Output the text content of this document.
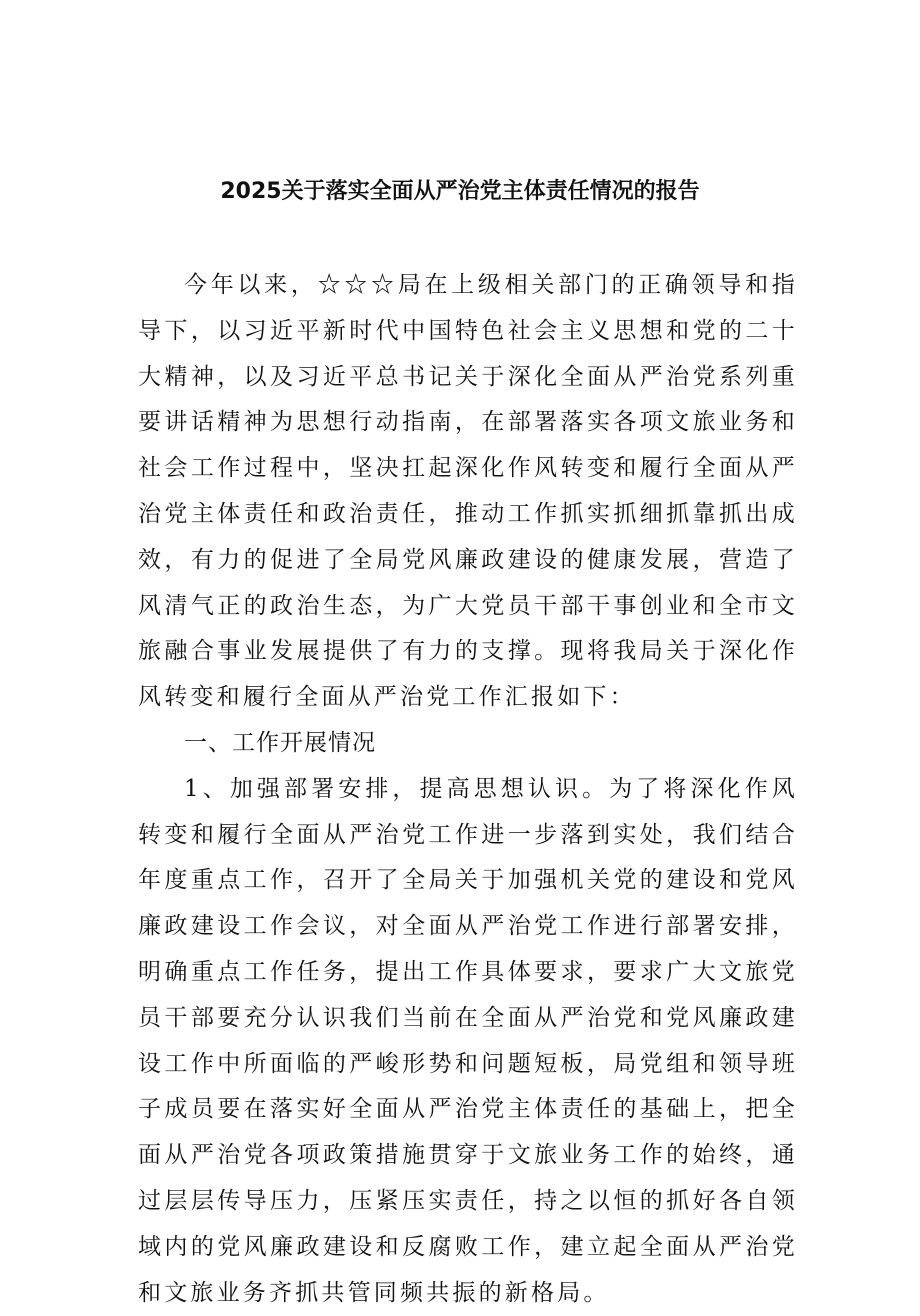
2025关于落实全面从严治党主体责任情况的报告

今年以来，☆☆☆局在上级相关部门的正确领导和指导下，以习近平新时代中国特色社会主义思想和党的二十大精神，以及习近平总书记关于深化全面从严治党系列重要讲话精神为思想行动指南，在部署落实各项文旅业务和社会工作过程中，坚决扛起深化作风转变和履行全面从严治党主体责任和政治责任，推动工作抓实抓细抓靠抓出成效，有力的促进了全局党风廉政建设的健康发展，营造了风清气正的政治生态，为广大党员干部干事创业和全市文旅融合事业发展提供了有力的支撑。现将我局关于深化作风转变和履行全面从严治党工作汇报如下：

一、工作开展情况

1、加强部署安排，提高思想认识。为了将深化作风转变和履行全面从严治党工作进一步落到实处，我们结合年度重点工作，召开了全局关于加强机关党的建设和党风廉政建设工作会议，对全面从严治党工作进行部署安排，明确重点工作任务，提出工作具体要求，要求广大文旅党员干部要充分认识我们当前在全面从严治党和党风廉政建设工作中所面临的严峻形势和问题短板，局党组和领导班子成员要在落实好全面从严治党主体责任的基础上，把全面从严治党各项政策措施贯穿于文旅业务工作的始终，通过层层传导压力，压紧压实责任，持之以恒的抓好各自领域内的党风廉政建设和反腐败工作，建立起全面从严治党和文旅业务齐抓共管同频共振的新格局。
